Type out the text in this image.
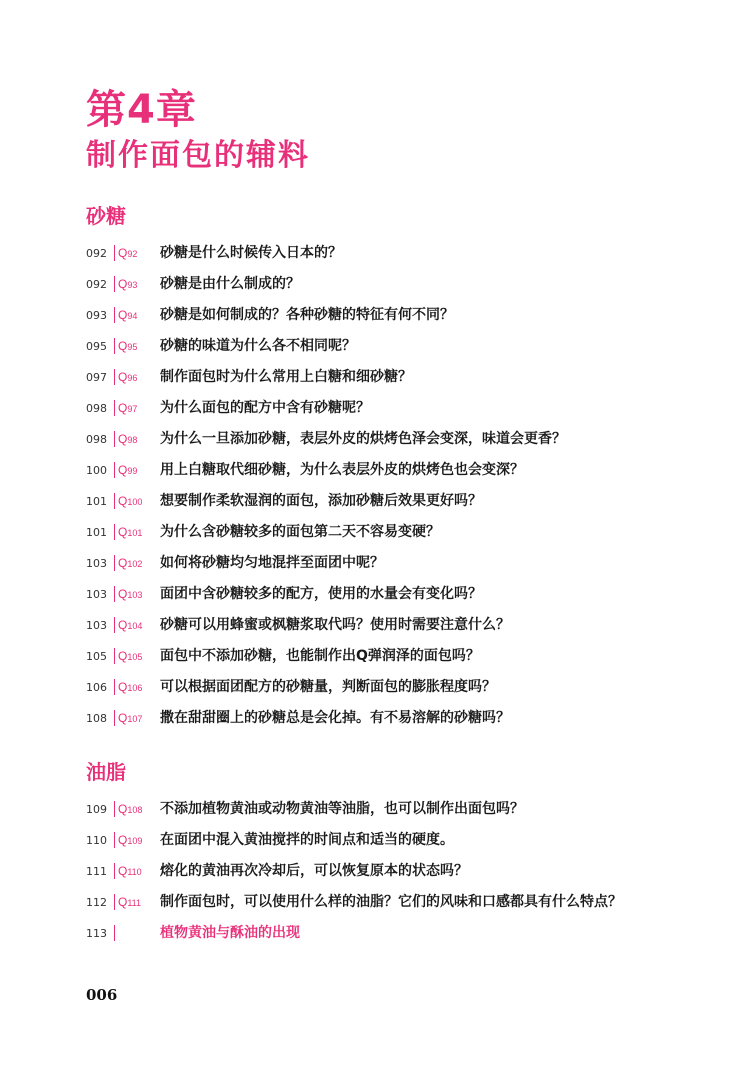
第4章
制作面包的辅料
砂糖
092 Q92 砂糖是什么时候传入日本的？
092 Q93 砂糖是由什么制成的？
093 Q94 砂糖是如何制成的？各种砂糖的特征有何不同？
095 Q95 砂糖的味道为什么各不相同呢？
097 Q96 制作面包时为什么常用上白糖和细砂糖？
098 Q97 为什么面包的配方中含有砂糖呢？
098 Q98 为什么一旦添加砂糖，表层外皮的烘烤色泽会变深，味道会更香？
100 Q99 用上白糖取代细砂糖，为什么表层外皮的烘烤色也会变深？
101 Q100 想要制作柔软湿润的面包，添加砂糖后效果更好吗？
101 Q101 为什么含砂糖较多的面包第二天不容易变硬？
103 Q102 如何将砂糖均匀地混拌至面团中呢？
103 Q103 面团中含砂糖较多的配方，使用的水量会有变化吗？
103 Q104 砂糖可以用蜂蜜或枫糖浆取代吗？使用时需要注意什么？
105 Q105 面包中不添加砂糖，也能制作出Q弹润泽的面包吗？
106 Q106 可以根据面团配方的砂糖量，判断面包的膨胀程度吗？
108 Q107 撒在甜甜圈上的砂糖总是会化掉。有不易溶解的砂糖吗？
油脂
109 Q108 不添加植物黄油或动物黄油等油脂，也可以制作出面包吗？
110 Q109 在面团中混入黄油搅拌的时间点和适当的硬度。
111 Q110 熔化的黄油再次冷却后，可以恢复原本的状态吗？
112 Q111 制作面包时，可以使用什么样的油脂？它们的风味和口感都具有什么特点？
113	植物黄油与酥油的出现
006
